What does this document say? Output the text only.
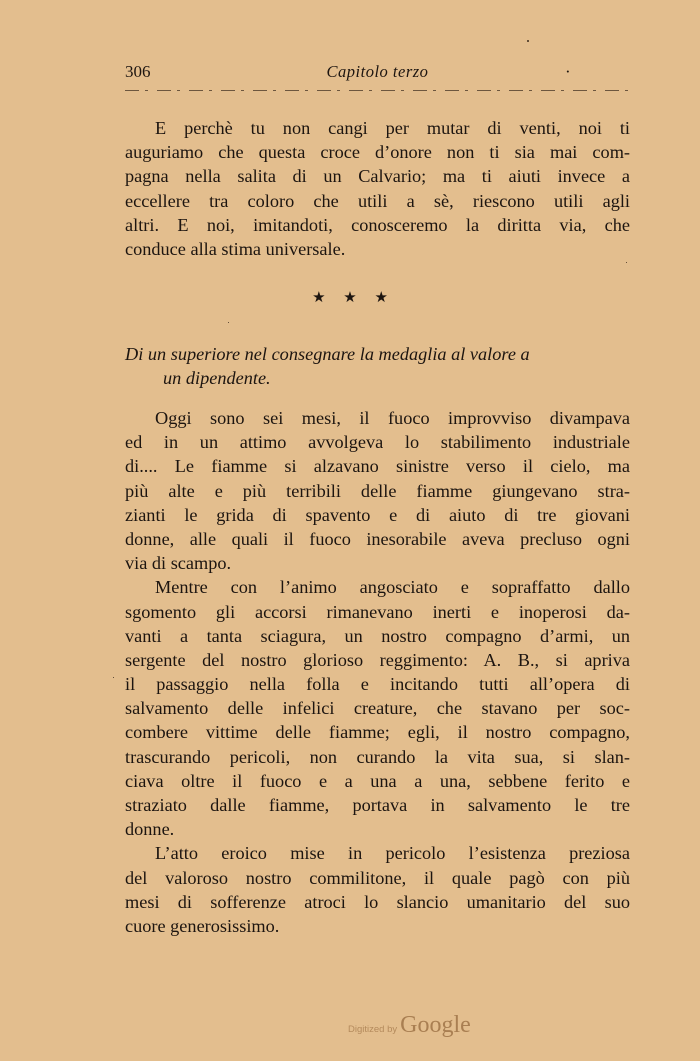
306	Capitolo terzo	·
E perchè tu non cangi per mutar di venti, noi ti
auguriamo che questa croce d’onore non ti sia mai com-
pagna nella salita di un Calvario; ma ti aiuti invece a
eccellere tra coloro che utili a sè, riescono utili agli
altri. E noi, imitandoti, conosceremo la diritta via, che
conduce alla stima universale.
★ ★ ★
Di un superiore nel consegnare la medaglia al valore a
un dipendente.
Oggi sono sei mesi, il fuoco improvviso divampava
ed in un attimo avvolgeva lo stabilimento industriale
di.... Le fiamme si alzavano sinistre verso il cielo, ma
più alte e più terribili delle fiamme giungevano stra-
zianti le grida di spavento e di aiuto di tre giovani
donne, alle quali il fuoco inesorabile aveva precluso ogni
via di scampo.
Mentre con l’animo angosciato e sopraffatto dallo
sgomento gli accorsi rimanevano inerti e inoperosi da-
vanti a tanta sciagura, un nostro compagno d’armi, un
sergente del nostro glorioso reggimento: A. B., si apriva
il passaggio nella folla e incitando tutti all’opera di
salvamento delle infelici creature, che stavano per soc-
combere vittime delle fiamme; egli, il nostro compagno,
trascurando pericoli, non curando la vita sua, si slan-
ciava oltre il fuoco e a una a una, sebbene ferito e
straziato dalle fiamme, portava in salvamento le tre
donne.
L’atto eroico mise in pericolo l’esistenza preziosa
del valoroso nostro commilitone, il quale pagò con più
mesi di sofferenze atroci lo slancio umanitario del suo
cuore generosissimo.
Digitized by Google
